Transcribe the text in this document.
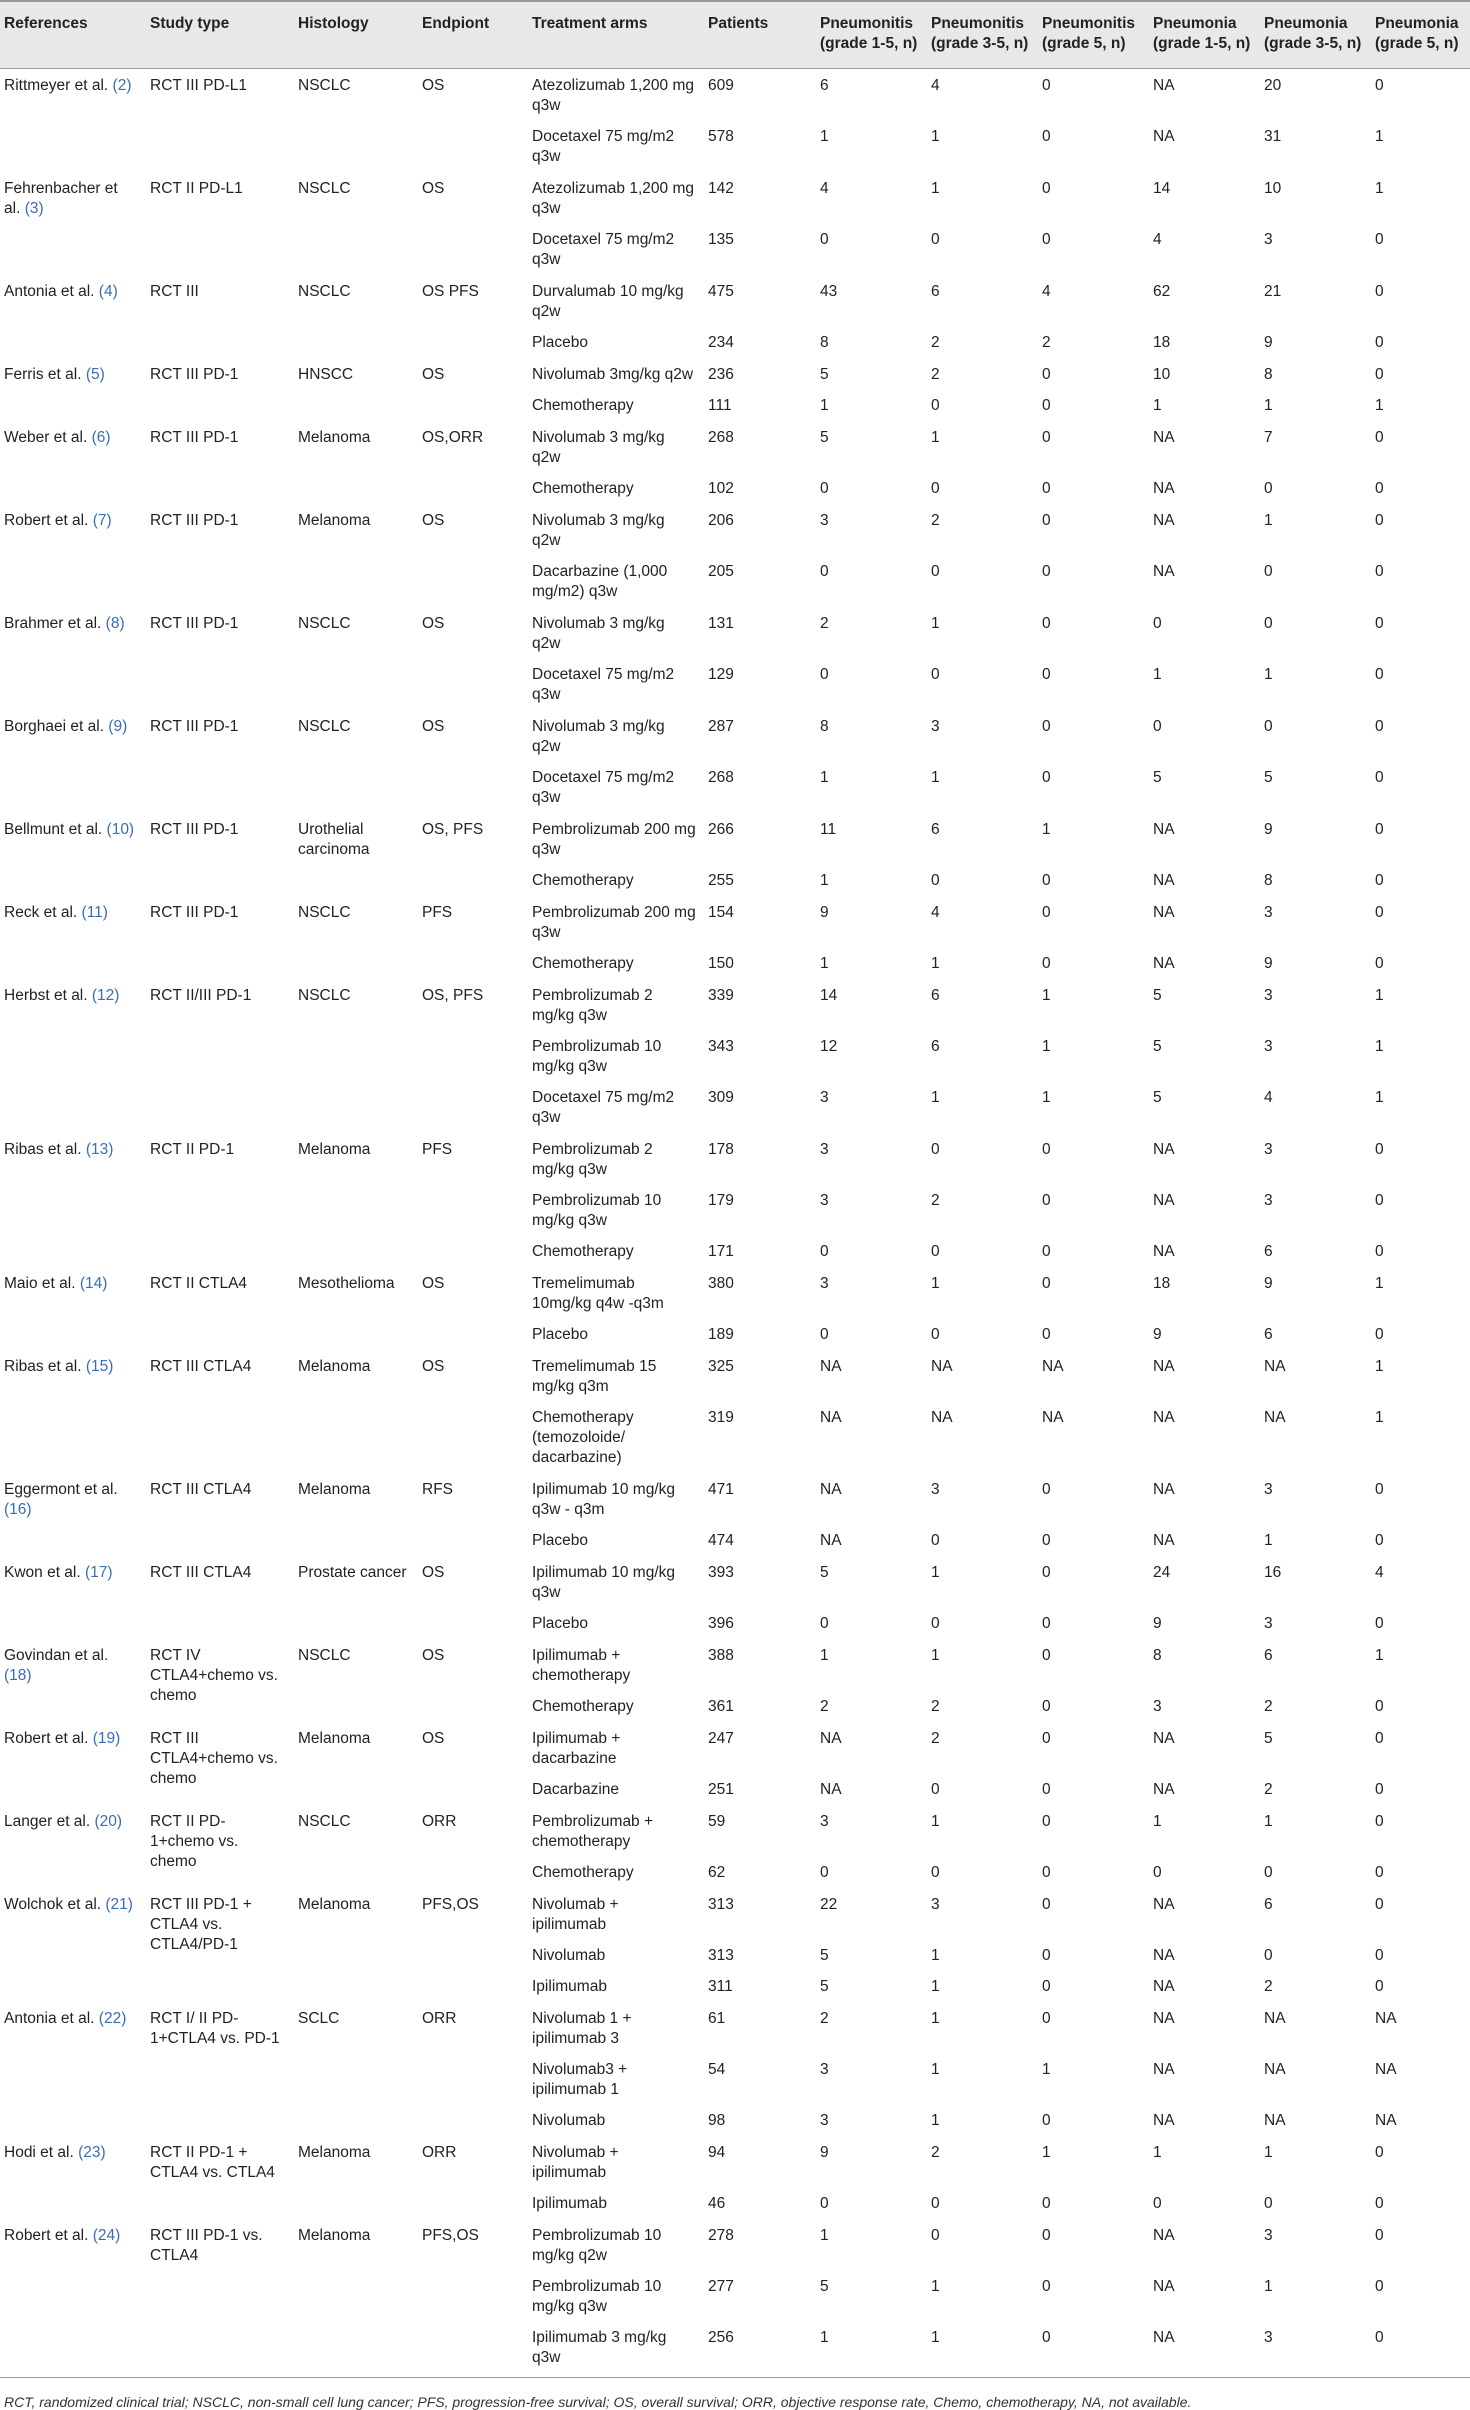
References	Study type	Histology	Endpiont	Treatment arms	Patients	Pneumonitis (grade 1-5, n)	Pneumonitis (grade 3-5, n)	Pneumonitis (grade 5, n)	Pneumonia (grade 1-5, n)	Pneumonia (grade 3-5, n)	Pneumonia (grade 5, n)
Rittmeyer et al. (2)	RCT III PD-L1	NSCLC	OS	Atezolizumab 1,200 mg q3w	609	6	4	0	NA	20	0
				Docetaxel 75 mg/m2 q3w	578	1	1	0	NA	31	1
Fehrenbacher et al. (3)	RCT II PD-L1	NSCLC	OS	Atezolizumab 1,200 mg q3w	142	4	1	0	14	10	1
				Docetaxel 75 mg/m2 q3w	135	0	0	0	4	3	0
Antonia et al. (4)	RCT III	NSCLC	OS PFS	Durvalumab 10 mg/kg q2w	475	43	6	4	62	21	0
				Placebo	234	8	2	2	18	9	0
Ferris et al. (5)	RCT III PD-1	HNSCC	OS	Nivolumab 3mg/kg q2w	236	5	2	0	10	8	0
				Chemotherapy	111	1	0	0	1	1	1
Weber et al. (6)	RCT III PD-1	Melanoma	OS,ORR	Nivolumab 3 mg/kg q2w	268	5	1	0	NA	7	0
				Chemotherapy	102	0	0	0	NA	0	0
Robert et al. (7)	RCT III PD-1	Melanoma	OS	Nivolumab 3 mg/kg q2w	206	3	2	0	NA	1	0
				Dacarbazine (1,000 mg/m2) q3w	205	0	0	0	NA	0	0
Brahmer et al. (8)	RCT III PD-1	NSCLC	OS	Nivolumab 3 mg/kg q2w	131	2	1	0	0	0	0
				Docetaxel 75 mg/m2 q3w	129	0	0	0	1	1	0
Borghaei et al. (9)	RCT III PD-1	NSCLC	OS	Nivolumab 3 mg/kg q2w	287	8	3	0	0	0	0
				Docetaxel 75 mg/m2 q3w	268	1	1	0	5	5	0
Bellmunt et al. (10)	RCT III PD-1	Urothelial carcinoma	OS, PFS	Pembrolizumab 200 mg q3w	266	11	6	1	NA	9	0
				Chemotherapy	255	1	0	0	NA	8	0
Reck et al. (11)	RCT III PD-1	NSCLC	PFS	Pembrolizumab 200 mg q3w	154	9	4	0	NA	3	0
				Chemotherapy	150	1	1	0	NA	9	0
Herbst et al. (12)	RCT II/III PD-1	NSCLC	OS, PFS	Pembrolizumab 2 mg/kg q3w	339	14	6	1	5	3	1
				Pembrolizumab 10 mg/kg q3w	343	12	6	1	5	3	1
				Docetaxel 75 mg/m2 q3w	309	3	1	1	5	4	1
Ribas et al. (13)	RCT II PD-1	Melanoma	PFS	Pembrolizumab 2 mg/kg q3w	178	3	0	0	NA	3	0
				Pembrolizumab 10 mg/kg q3w	179	3	2	0	NA	3	0
				Chemotherapy	171	0	0	0	NA	6	0
Maio et al. (14)	RCT II CTLA4	Mesothelioma	OS	Tremelimumab 10mg/kg q4w -q3m	380	3	1	0	18	9	1
				Placebo	189	0	0	0	9	6	0
Ribas et al. (15)	RCT III CTLA4	Melanoma	OS	Tremelimumab 15 mg/kg q3m	325	NA	NA	NA	NA	NA	1
				Chemotherapy (temozoloide/ dacarbazine)	319	NA	NA	NA	NA	NA	1
Eggermont et al. (16)	RCT III CTLA4	Melanoma	RFS	Ipilimumab 10 mg/kg q3w - q3m	471	NA	3	0	NA	3	0
				Placebo	474	NA	0	0	NA	1	0
Kwon et al. (17)	RCT III CTLA4	Prostate cancer	OS	Ipilimumab 10 mg/kg q3w	393	5	1	0	24	16	4
				Placebo	396	0	0	0	9	3	0
Govindan et al. (18)	RCT IV CTLA4+chemo vs. chemo	NSCLC	OS	Ipilimumab + chemotherapy	388	1	1	0	8	6	1
				Chemotherapy	361	2	2	0	3	2	0
Robert et al. (19)	RCT III CTLA4+chemo vs. chemo	Melanoma	OS	Ipilimumab + dacarbazine	247	NA	2	0	NA	5	0
				Dacarbazine	251	NA	0	0	NA	2	0
Langer et al. (20)	RCT II PD-1+chemo vs. chemo	NSCLC	ORR	Pembrolizumab + chemotherapy	59	3	1	0	1	1	0
				Chemotherapy	62	0	0	0	0	0	0
Wolchok et al. (21)	RCT III PD-1 + CTLA4 vs. CTLA4/PD-1	Melanoma	PFS,OS	Nivolumab + ipilimumab	313	22	3	0	NA	6	0
				Nivolumab	313	5	1	0	NA	0	0
				Ipilimumab	311	5	1	0	NA	2	0
Antonia et al. (22)	RCT I/ II PD-1+CTLA4 vs. PD-1	SCLC	ORR	Nivolumab 1 + ipilimumab 3	61	2	1	0	NA	NA	NA
				Nivolumab3 + ipilimumab 1	54	3	1	1	NA	NA	NA
				Nivolumab	98	3	1	0	NA	NA	NA
Hodi et al. (23)	RCT II PD-1 + CTLA4 vs. CTLA4	Melanoma	ORR	Nivolumab + ipilimumab	94	9	2	1	1	1	0
				Ipilimumab	46	0	0	0	0	0	0
Robert et al. (24)	RCT III PD-1 vs. CTLA4	Melanoma	PFS,OS	Pembrolizumab 10 mg/kg q2w	278	1	0	0	NA	3	0
				Pembrolizumab 10 mg/kg q3w	277	5	1	0	NA	1	0
				Ipilimumab 3 mg/kg q3w	256	1	1	0	NA	3	0
RCT, randomized clinical trial; NSCLC, non-small cell lung cancer; PFS, progression-free survival; OS, overall survival; ORR, objective response rate, Chemo, chemotherapy, NA, not available.
